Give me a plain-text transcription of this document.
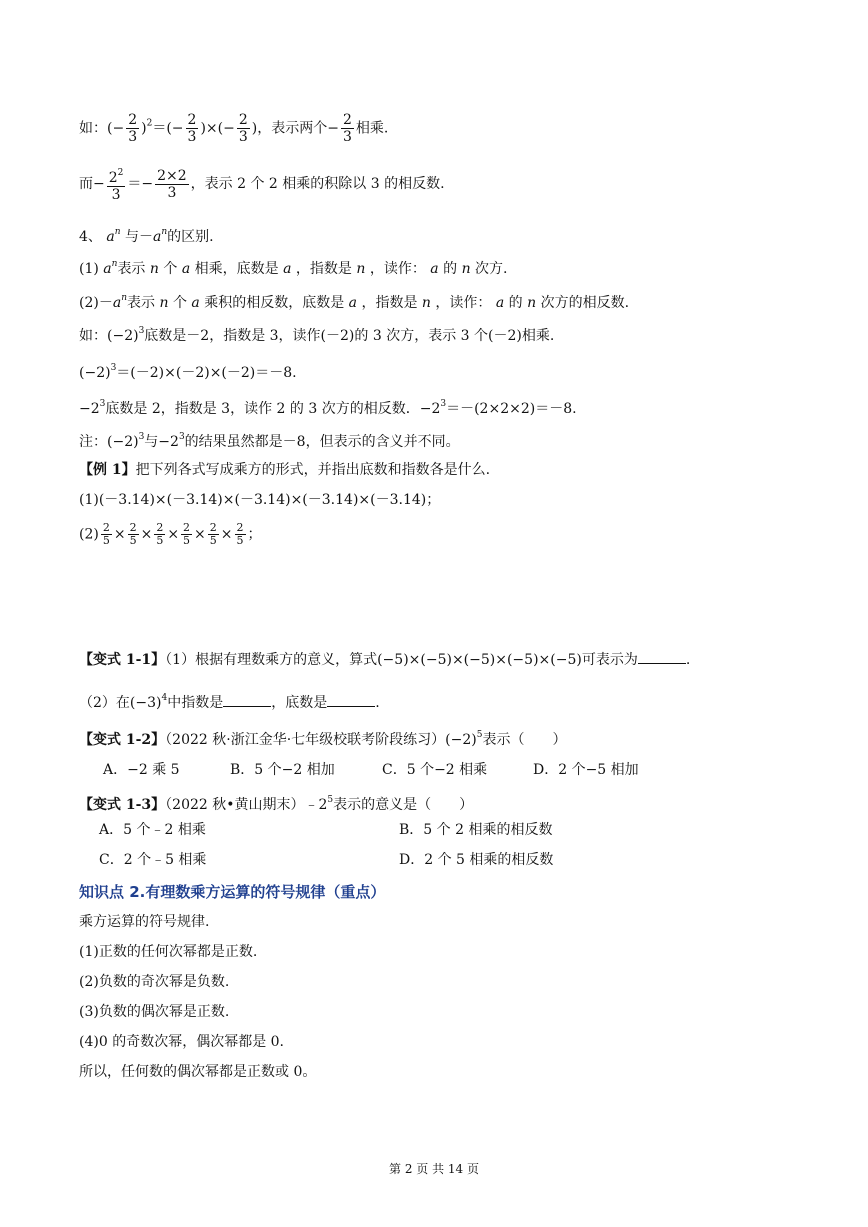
如：(− $\frac{2}{3} )^2=(- \frac{2}{3}$ )×(− $\frac{2}{3}$ )，表示两个− $\frac{2}{3}$ 相乘.
而− $\frac{2^2}{3} =- \frac{2\times 2}{3}$ ，表示 2 个 2 相乘的积除以 3 的相反数.
4、 $a^n$ 与$-a^n$的区别.
(1) $a^n$表示 n 个 a 相乘，底数是 a ，指数是 n ，读作： a 的 n 次方.
$(2)-a^n$表示 n 个 a 乘积的相反数，底数是 a ，指数是 n ，读作： a 的 n 次方的相反数.
如：$(-2)^3$底数是－2，指数是 3，读作(－2)的 3 次方，表示 3 个(－2)相乘.
$(-2)^3=(-2)\times(-2)\times(-2)=-8$.
$-2^3$底数是 2，指数是 3，读作 2 的 3 次方的相反数．$-2^3=-(2\times 2\times 2)=-8$.
注：$(-2)^3$与$-2^3$的结果虽然都是－8，但表示的含义并不同。
【例 1】把下列各式写成乘方的形式，并指出底数和指数各是什么.
(1)(－3.14)×(－3.14)×(－3.14)×(－3.14)×(－3.14)；
$(2) \frac{2}{5} \times \frac{2}{5} \times \frac{2}{5} \times \frac{2}{5} \times \frac{2}{5} \times \frac{2}{5}$ ；
【变式 1-1】（1）根据有理数乘方的意义，算式(−5)×(−5)×(−5)×(−5)×(−5)可表示为	.
（2）在$(-3)^4$中指数是	，底数是	.
【变式 1-2】（2022 秋·浙江金华·七年级校联考阶段练习）$(-2)^5$表示（　　）
A．−2 乘 5	B．5 个−2 相加	C．5 个−2 相乘	D．2 个−5 相加
【变式 1-3】（2022 秋•黄山期末）$﹣2^5$表示的意义是（　　）
A．5 个﹣2 相乘	B．5 个 2 相乘的相反数
C．2 个﹣5 相乘	D．2 个 5 相乘的相反数
知识点 2.有理数乘方运算的符号规律（重点）
乘方运算的符号规律.
(1)正数的任何次幂都是正数.
(2)负数的奇次幂是负数.
(3)负数的偶次幂是正数.
(4)0 的奇数次幂，偶次幂都是 0.
所以，任何数的偶次幂都是正数或 0。
第 2 页 共 14 页
